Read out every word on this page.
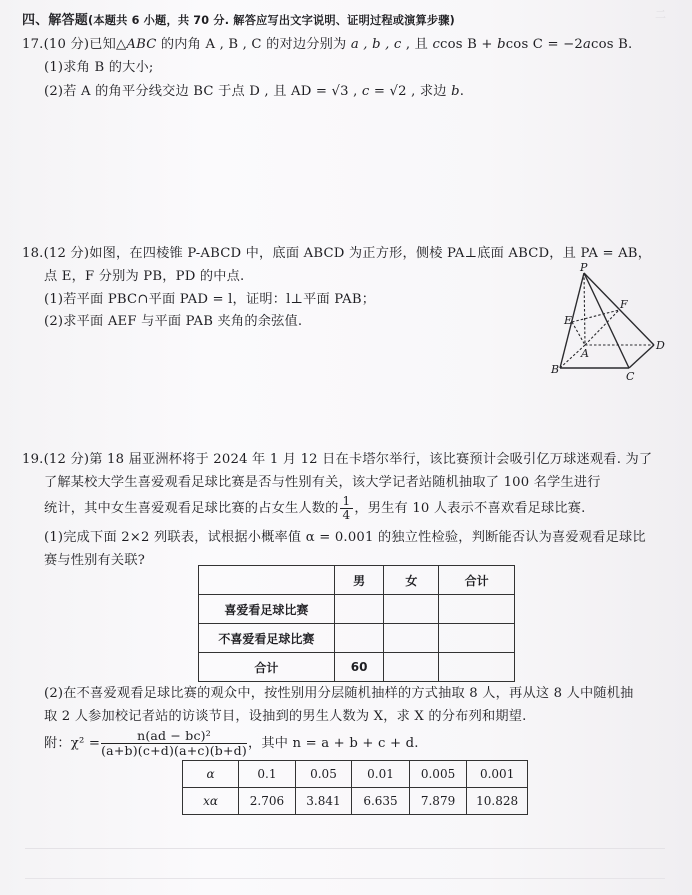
二
四、解答题(本题共 6 小题，共 70 分. 解答应写出文字说明、证明过程或演算步骤)
17.(10 分)已知△ABC 的内角 A , B , C 的对边分别为 a , b , c , 且 ccos B + bcos C = −2acos B.
(1)求角 B 的大小;
(2)若 A 的角平分线交边 BC 于点 D , 且 AD = √3 , c = √2 , 求边 b.
18.(12 分)如图，在四棱锥 P-ABCD 中，底面 ABCD 为正方形，侧棱 PA⊥底面 ABCD，且 PA = AB，
点 E，F 分别为 PB，PD 的中点.
(1)若平面 PBC∩平面 PAD = l，证明：l⊥平面 PAB；
(2)求平面 AEF 与平面 PAB 夹角的余弦值.
P
F
E
A
D
B
C
19.(12 分)第 18 届亚洲杯将于 2024 年 1 月 12 日在卡塔尔举行，该比赛预计会吸引亿万球迷观看. 为了
了解某校大学生喜爱观看足球比赛是否与性别有关，该大学记者站随机抽取了 100 名学生进行
统计，其中女生喜爱观看足球比赛的占女生人数的 $\frac{1}{4}$ ，男生有 10 人表示不喜欢看足球比赛.
(1)完成下面 2×2 列联表，试根据小概率值 α = 0.001 的独立性检验，判断能否认为喜爱观看足球比
赛与性别有关联?
	男	女	合计
喜爱看足球比赛			
不喜爱看足球比赛			
合计	60		
(2)在不喜爱观看足球比赛的观众中，按性别用分层随机抽样的方式抽取 8 人，再从这 8 人中随机抽
取 2 人参加校记者站的访谈节目，设抽到的男生人数为 X，求 X 的分布列和期望.
附：$\chi^2 = \frac{\text{n(ad − bc)²}}{(a+b)(c+d)(a+c)(b+d)}$ ，其中 n = a + b + c + d.
α	0.1	0.05	0.01	0.005	0.001
xα	2.706	3.841	6.635	7.879	10.828
